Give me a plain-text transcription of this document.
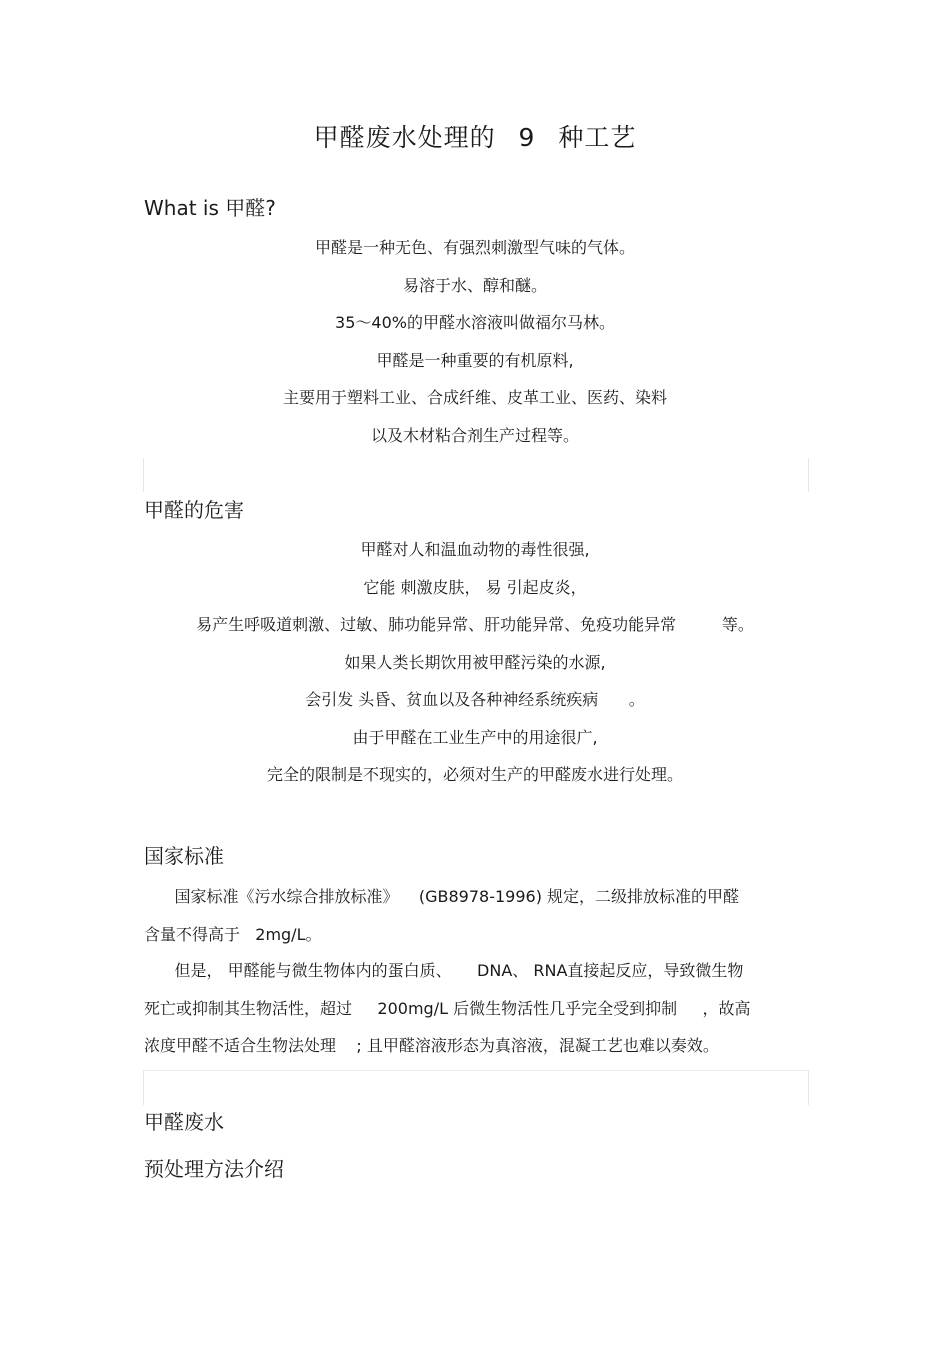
甲醛废水处理的 9 种工艺
What is 甲醛?
甲醛是一种无色、有强烈刺激型气味的气体。
易溶于水、醇和醚。
35～40%的甲醛水溶液叫做福尔马林。
甲醛是一种重要的有机原料,
主要用于塑料工业、合成纤维、皮革工业、医药、染料
以及木材粘合剂生产过程等。
甲醛的危害
甲醛对人和温血动物的毒性很强,
它能 刺激皮肤， 易 引起皮炎，
易产生呼吸道刺激、过敏、肺功能异常、肝功能异常、免疫功能异常         等。
如果人类长期饮用被甲醛污染的水源,
会引发 头昏、贫血以及各种神经系统疾病      。
由于甲醛在工业生产中的用途很广,
完全的限制是不现实的，必须对生产的甲醛废水进行处理。
国家标准
国家标准《污水综合排放标准》    (GB8978-1996) 规定，二级排放标准的甲醛
含量不得高于   2mg/L。
但是， 甲醛能与微生物体内的蛋白质、     DNA、 RNA直接起反应，导致微生物
死亡或抑制其生物活性，超过     200mg/L 后微生物活性几乎完全受到抑制     ，故高
浓度甲醛不适合生物法处理    ; 且甲醛溶液形态为真溶液，混凝工艺也难以奏效。
甲醛废水
预处理方法介绍
